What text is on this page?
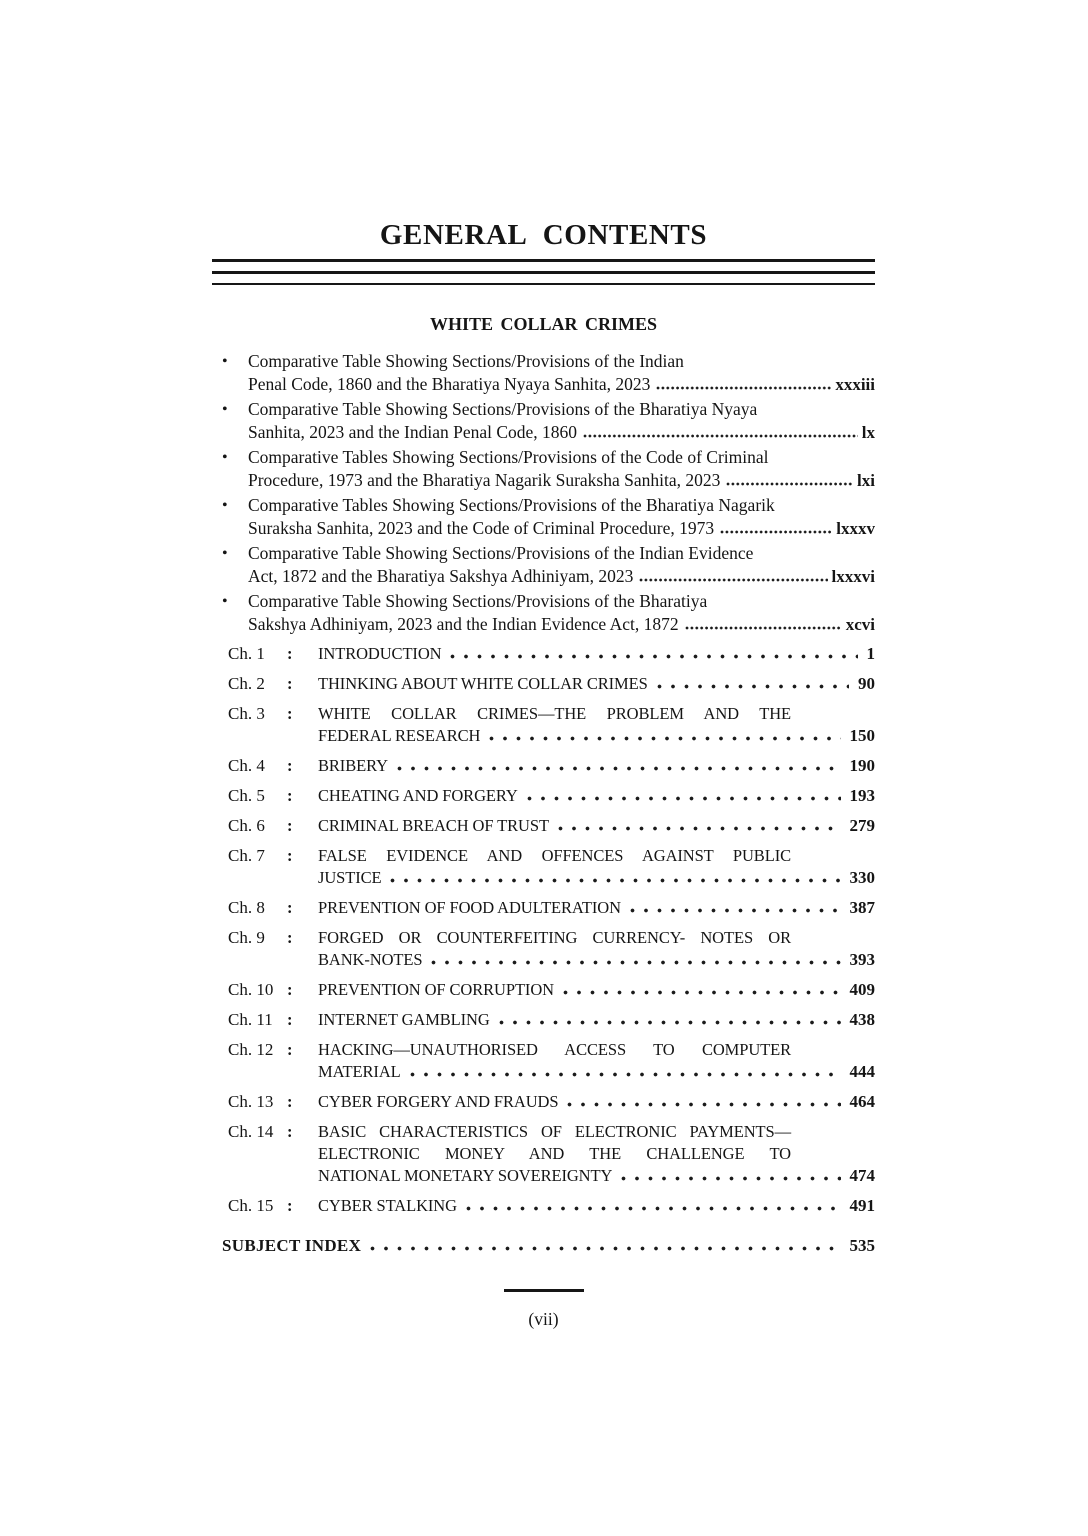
GENERAL CONTENTS
WHITE COLLAR CRIMES
•	Comparative Table Showing Sections/Provisions of the Indian
Penal Code, 1860 and the Bharatiya Nyaya Sanhita, 2023	xxxiii
•	Comparative Table Showing Sections/Provisions of the Bharatiya Nyaya
Sanhita, 2023 and the Indian Penal Code, 1860	lx
•	Comparative Tables Showing Sections/Provisions of the Code of Criminal
Procedure, 1973 and the Bharatiya Nagarik Suraksha Sanhita, 2023	lxi
•	Comparative Tables Showing Sections/Provisions of the Bharatiya Nagarik
Suraksha Sanhita, 2023 and the Code of Criminal Procedure, 1973	lxxxv
•	Comparative Table Showing Sections/Provisions of the Indian Evidence
Act, 1872 and the Bharatiya Sakshya Adhiniyam, 2023	lxxxvi
•	Comparative Table Showing Sections/Provisions of the Bharatiya
Sakshya Adhiniyam, 2023 and the Indian Evidence Act, 1872	xcvi
Ch. 1	:	INTRODUCTION	1
Ch. 2	:	THINKING ABOUT WHITE COLLAR CRIMES	90
Ch. 3	:	WHITE COLLAR CRIMES—THE PROBLEM AND THE
FEDERAL RESEARCH	150
Ch. 4	:	BRIBERY	190
Ch. 5	:	CHEATING AND FORGERY	193
Ch. 6	:	CRIMINAL BREACH OF TRUST	279
Ch. 7	:	FALSE EVIDENCE AND OFFENCES AGAINST PUBLIC
JUSTICE	330
Ch. 8	:	PREVENTION OF FOOD ADULTERATION	387
Ch. 9	:	FORGED OR COUNTERFEITING CURRENCY- NOTES OR
BANK-NOTES	393
Ch. 10 :	PREVENTION OF CORRUPTION	409
Ch. 11 :	INTERNET GAMBLING	438
Ch. 12 :	HACKING—UNAUTHORISED ACCESS TO COMPUTER
MATERIAL	444
Ch. 13 :	CYBER FORGERY AND FRAUDS	464
Ch. 14 :	BASIC CHARACTERISTICS OF ELECTRONIC PAYMENTS—
ELECTRONIC MONEY AND THE CHALLENGE TO
NATIONAL MONETARY SOVEREIGNTY	474
Ch. 15 :	CYBER STALKING	491
SUBJECT INDEX	535
(vii)
